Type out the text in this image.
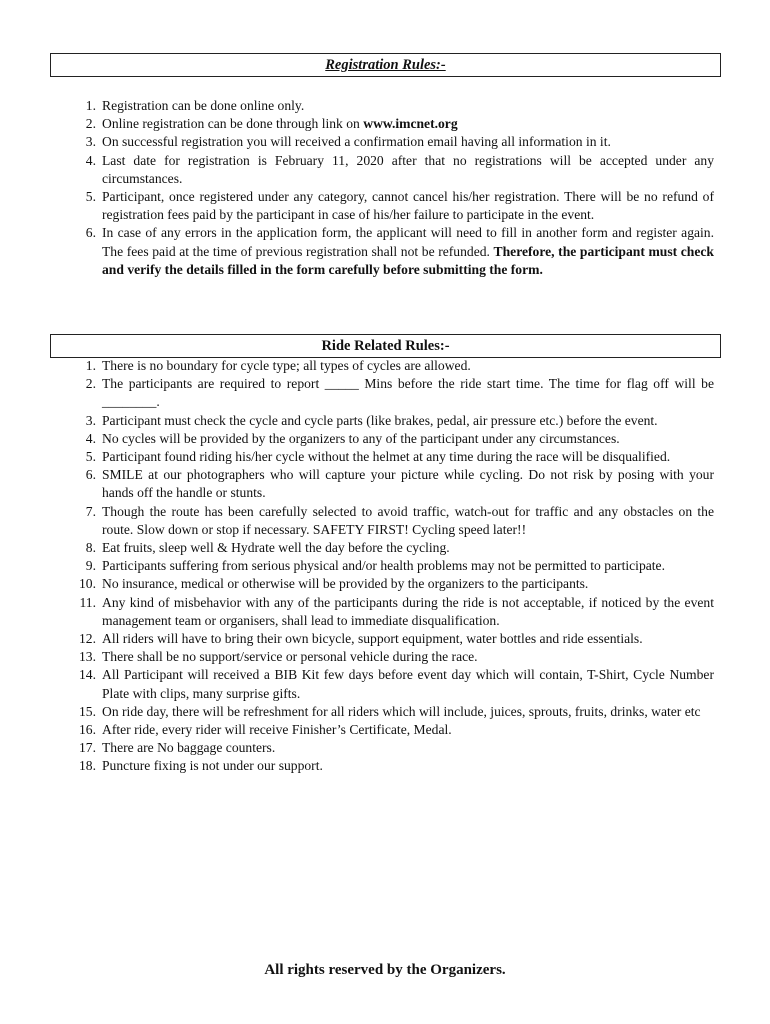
Registration Rules:-
1. Registration can be done online only.
2. Online registration can be done through link on www.imcnet.org
3. On successful registration you will received a confirmation email having all information in it.
4. Last date for registration is February 11, 2020 after that no registrations will be accepted under any circumstances.
5. Participant, once registered under any category, cannot cancel his/her registration. There will be no refund of registration fees paid by the participant in case of his/her failure to participate in the event.
6. In case of any errors in the application form, the applicant will need to fill in another form and register again. The fees paid at the time of previous registration shall not be refunded. Therefore, the participant must check and verify the details filled in the form carefully before submitting the form.
Ride Related Rules:-
1. There is no boundary for cycle type; all types of cycles are allowed.
2. The participants are required to report _____ Mins before the ride start time. The time for flag off will be ________.
3. Participant must check the cycle and cycle parts (like brakes, pedal, air pressure etc.) before the event.
4. No cycles will be provided by the organizers to any of the participant under any circumstances.
5. Participant found riding his/her cycle without the helmet at any time during the race will be disqualified.
6. SMILE at our photographers who will capture your picture while cycling. Do not risk by posing with your hands off the handle or stunts.
7. Though the route has been carefully selected to avoid traffic, watch-out for traffic and any obstacles on the route. Slow down or stop if necessary. SAFETY FIRST! Cycling speed later!!
8. Eat fruits, sleep well & Hydrate well the day before the cycling.
9. Participants suffering from serious physical and/or health problems may not be permitted to participate.
10. No insurance, medical or otherwise will be provided by the organizers to the participants.
11. Any kind of misbehavior with any of the participants during the ride is not acceptable, if noticed by the event management team or organisers, shall lead to immediate disqualification.
12. All riders will have to bring their own bicycle, support equipment, water bottles and ride essentials.
13. There shall be no support/service or personal vehicle during the race.
14. All Participant will received a BIB Kit few days before event day which will contain, T-Shirt, Cycle Number Plate with clips, many surprise gifts.
15. On ride day, there will be refreshment for all riders which will include, juices, sprouts, fruits, drinks, water etc
16. After ride, every rider will receive Finisher’s Certificate, Medal.
17. There are No baggage counters.
18. Puncture fixing is not under our support.
All rights reserved by the Organizers.
